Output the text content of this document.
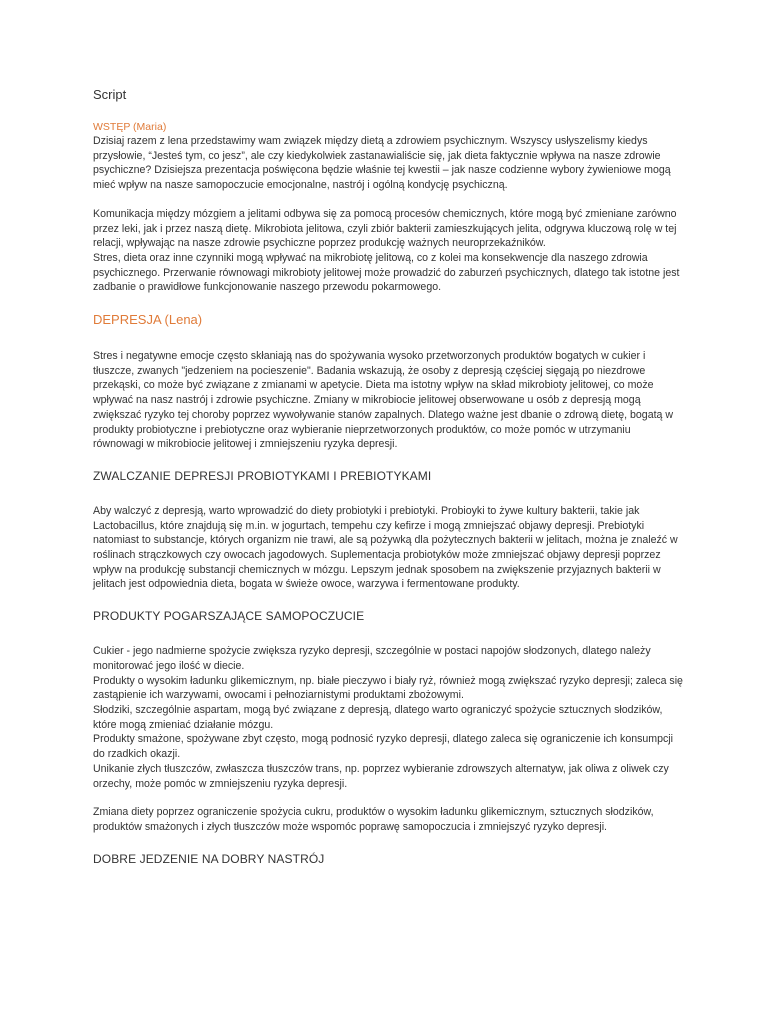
Script
WSTĘP (Maria)

Dzisiaj razem z lena przedstawimy wam związek między dietą a zdrowiem psychicznym. Wszyscy usłyszelismy kiedys przysłowie, “Jesteś tym, co jesz”, ale czy kiedykolwiek zastanawialiście się, jak dieta faktycznie wpływa na nasze zdrowie psychiczne? Dzisiejsza prezentacja poświęcona będzie właśnie tej kwestii – jak nasze codzienne wybory żywieniowe mogą mieć wpływ na nasze samopoczucie emocjonalne, nastrój i ogólną kondycję psychiczną.

Komunikacja między mózgiem a jelitami odbywa się za pomocą procesów chemicznych, które mogą być zmieniane zarówno przez leki, jak i przez naszą dietę. Mikrobiota jelitowa, czyli zbiór bakterii zamieszkujących jelita, odgrywa kluczową rolę w tej relacji, wpływając na nasze zdrowie psychiczne poprzez produkcję ważnych neuroprzekaźników.

Stres, dieta oraz inne czynniki mogą wpływać na mikrobiotę jelitową, co z kolei ma konsekwencje dla naszego zdrowia psychicznego. Przerwanie równowagi mikrobioty jelitowej może prowadzić do zaburzeń psychicznych, dlatego tak istotne jest zadbanie o prawidłowe funkcjonowanie naszego przewodu pokarmowego.

DEPRESJA (Lena)

Stres i negatywne emocje często skłaniają nas do spożywania wysoko przetworzonych produktów bogatych w cukier i tłuszcze, zwanych "jedzeniem na pocieszenie". Badania wskazują, że osoby z depresją częściej sięgają po niezdrowe przekąski, co może być związane z zmianami w apetycie. Dieta ma istotny wpływ na skład mikrobioty jelitowej, co może wpływać na nasz nastrój i zdrowie psychiczne. Zmiany w mikrobiocie jelitowej obserwowane u osób z depresją mogą zwiększać ryzyko tej choroby poprzez wywoływanie stanów zapalnych. Dlatego ważne jest dbanie o zdrową dietę, bogatą w produkty probiotyczne i prebiotyczne oraz wybieranie nieprzetworzonych produktów, co może pomóc w utrzymaniu równowagi w mikrobiocie jelitowej i zmniejszeniu ryzyka depresji.

ZWALCZANIE DEPRESJI PROBIOTYKAMI I PREBIOTYKAMI

Aby walczyć z depresją, warto wprowadzić do diety probiotyki i prebiotyki. Probioyki to żywe kultury bakterii, takie jak Lactobacillus, które znajdują się m.in. w jogurtach, tempehu czy kefirze i mogą zmniejszać objawy depresji. Prebiotyki natomiast to substancje, których organizm nie trawi, ale są pożywką dla pożytecznych bakterii w jelitach, można je znaleźć w roślinach strączkowych czy owocach jagodowych. Suplementacja probiotyków może zmniejszać objawy depresji poprzez wpływ na produkcję substancji chemicznych w mózgu. Lepszym jednak sposobem na zwiększenie przyjaznych bakterii w jelitach jest odpowiednia dieta, bogata w świeże owoce, warzywa i fermentowane produkty.

PRODUKTY POGARSZAJĄCE SAMOPOCZUCIE

Cukier - jego nadmierne spożycie zwiększa ryzyko depresji, szczególnie w postaci napojów słodzonych, dlatego należy monitorować jego ilość w diecie.

Produkty o wysokim ładunku glikemicznym, np. białe pieczywo i biały ryż, również mogą zwiększać ryzyko depresji; zaleca się zastąpienie ich warzywami, owocami i pełnoziarnistymi produktami zbożowymi.

Słodziki, szczególnie aspartam, mogą być związane z depresją, dlatego warto ograniczyć spożycie sztucznych słodzików, które mogą zmieniać działanie mózgu.

Produkty smażone, spożywane zbyt często, mogą podnosić ryzyko depresji, dlatego zaleca się ograniczenie ich konsumpcji do rzadkich okazji.

Unikanie złych tłuszczów, zwłaszcza tłuszczów trans, np. poprzez wybieranie zdrowszych alternatyw, jak oliwa z oliwek czy orzechy, może pomóc w zmniejszeniu ryzyka depresji.

Zmiana diety poprzez ograniczenie spożycia cukru, produktów o wysokim ładunku glikemicznym, sztucznych słodzików, produktów smażonych i złych tłuszczów może wspomóc poprawę samopoczucia i zmniejszyć ryzyko depresji.

DOBRE JEDZENIE NA DOBRY NASTRÓJ
